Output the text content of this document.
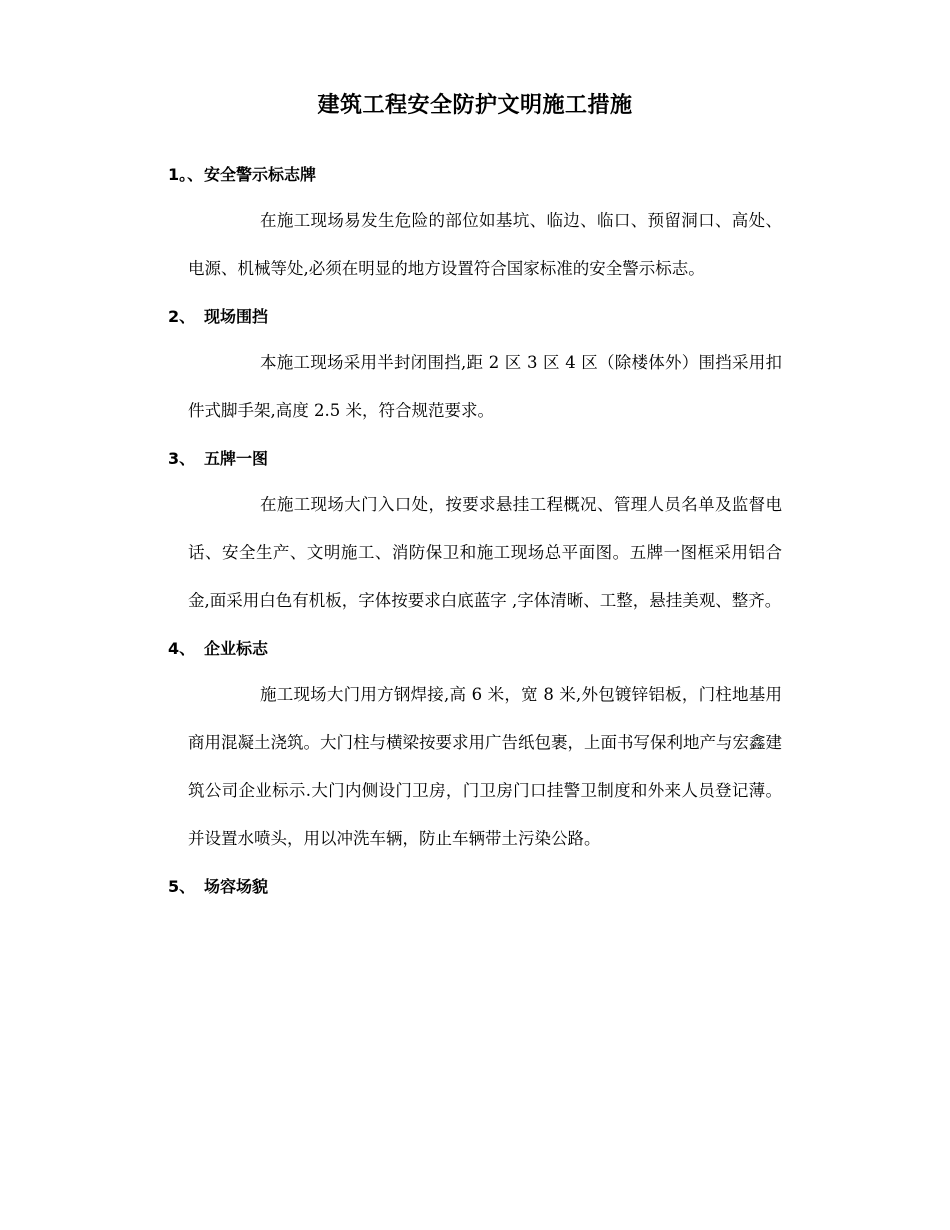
建筑工程安全防护文明施工措施

1。、安全警示标志牌

在施工现场易发生危险的部位如基坑、临边、临口、预留洞口、高处、电源、机械等处,必须在明显的地方设置符合国家标准的安全警示标志。

2、 现场围挡

本施工现场采用半封闭围挡,距 2 区 3 区 4 区（除楼体外）围挡采用扣件式脚手架,高度 2.5 米，符合规范要求。

3、 五牌一图

在施工现场大门入口处，按要求悬挂工程概况、管理人员名单及监督电话、安全生产、文明施工、消防保卫和施工现场总平面图。五牌一图框采用铝合金,面采用白色有机板，字体按要求白底蓝字 ,字体清晰、工整，悬挂美观、整齐。

4、 企业标志

施工现场大门用方钢焊接,高 6 米，宽 8 米,外包镀锌铝板，门柱地基用商用混凝土浇筑。大门柱与横梁按要求用广告纸包裹，上面书写保利地产与宏鑫建筑公司企业标示.大门内侧设门卫房，门卫房门口挂警卫制度和外来人员登记薄。并设置水喷头，用以冲洗车辆，防止车辆带土污染公路。

5、 场容场貌
